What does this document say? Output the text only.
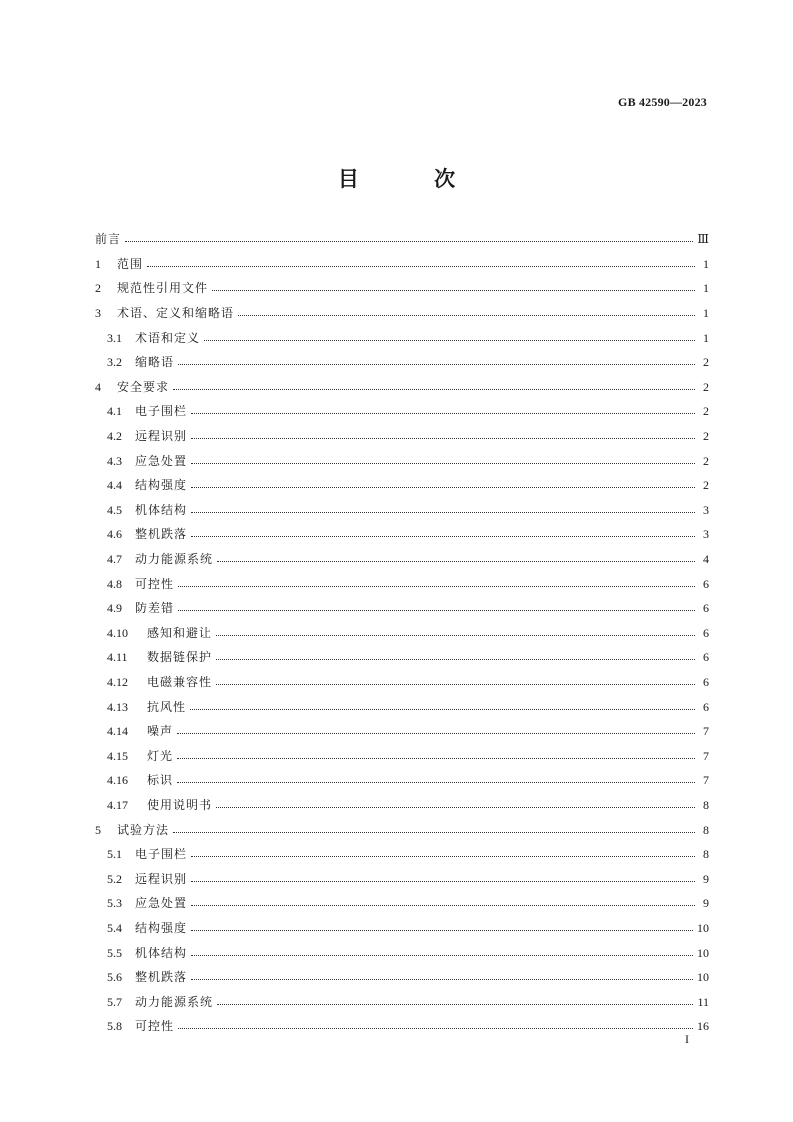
GB 42590—2023
目 次
前言	Ⅲ
1	范围	1
2	规范性引用文件	1
3	术语、定义和缩略语	1
3.1	术语和定义	1
3.2	缩略语	2
4	安全要求	2
4.1	电子围栏	2
4.2	远程识别	2
4.3	应急处置	2
4.4	结构强度	2
4.5	机体结构	3
4.6	整机跌落	3
4.7	动力能源系统	4
4.8	可控性	6
4.9	防差错	6
4.10	感知和避让	6
4.11	数据链保护	6
4.12	电磁兼容性	6
4.13	抗风性	6
4.14	噪声	7
4.15	灯光	7
4.16	标识	7
4.17	使用说明书	8
5	试验方法	8
5.1	电子围栏	8
5.2	远程识别	9
5.3	应急处置	9
5.4	结构强度	10
5.5	机体结构	10
5.6	整机跌落	10
5.7	动力能源系统	11
5.8	可控性	16
I
